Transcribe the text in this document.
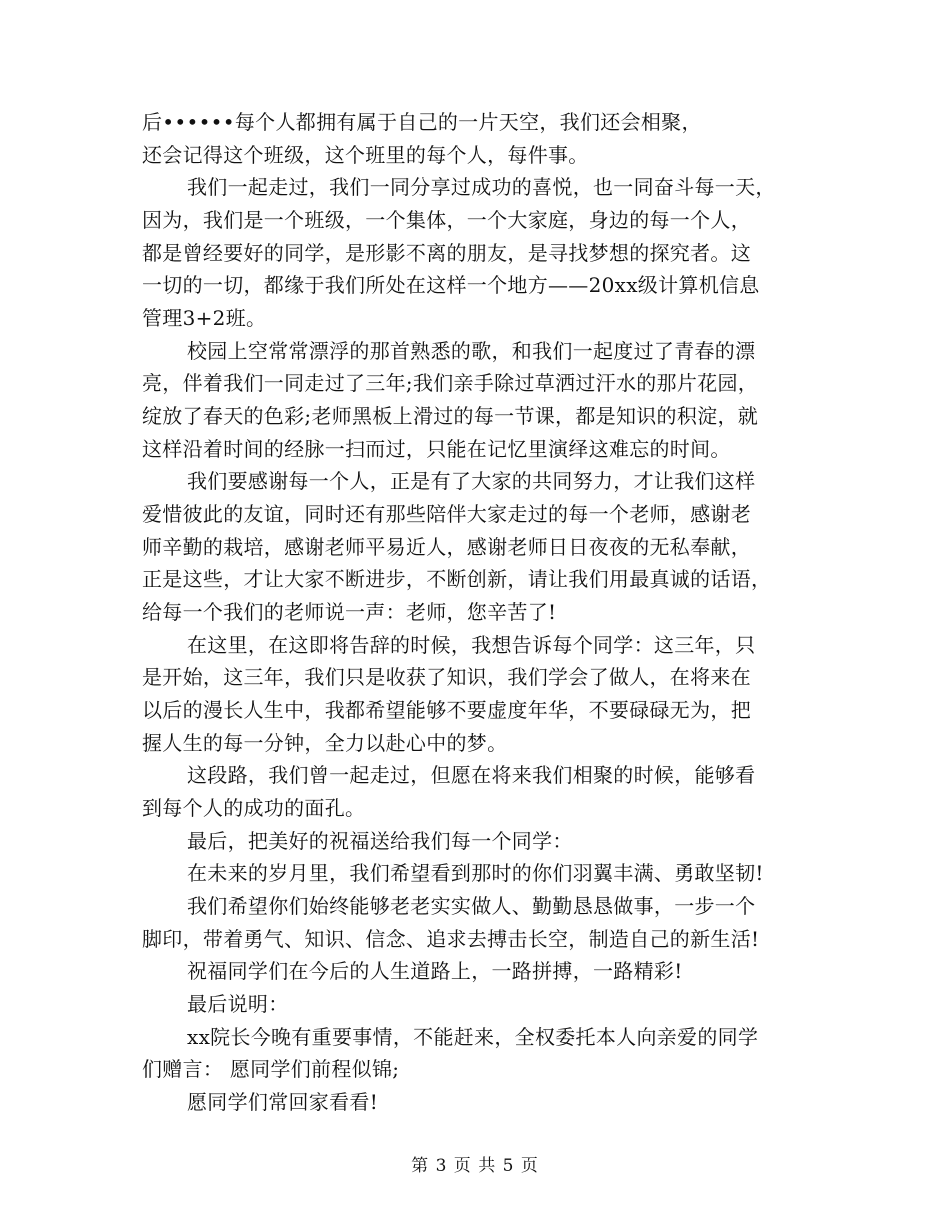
后••••••每个人都拥有属于自己的一片天空，我们还会相聚，
还会记得这个班级，这个班里的每个人，每件事。
我们一起走过，我们一同分享过成功的喜悦，也一同奋斗每一天，
因为，我们是一个班级，一个集体，一个大家庭，身边的每一个人，
都是曾经要好的同学，是形影不离的朋友，是寻找梦想的探究者。这
一切的一切，都缘于我们所处在这样一个地方——20xx级计算机信息
管理3+2班。
校园上空常常漂浮的那首熟悉的歌，和我们一起度过了青春的漂
亮，伴着我们一同走过了三年;我们亲手除过草洒过汗水的那片花园，
绽放了春天的色彩;老师黑板上滑过的每一节课，都是知识的积淀，就
这样沿着时间的经脉一扫而过，只能在记忆里演绎这难忘的时间。
我们要感谢每一个人，正是有了大家的共同努力，才让我们这样
爱惜彼此的友谊，同时还有那些陪伴大家走过的每一个老师，感谢老
师辛勤的栽培，感谢老师平易近人，感谢老师日日夜夜的无私奉献，
正是这些，才让大家不断进步，不断创新，请让我们用最真诚的话语，
给每一个我们的老师说一声：老师，您辛苦了!
在这里，在这即将告辞的时候，我想告诉每个同学：这三年，只
是开始，这三年，我们只是收获了知识，我们学会了做人，在将来在
以后的漫长人生中，我都希望能够不要虚度年华，不要碌碌无为，把
握人生的每一分钟，全力以赴心中的梦。
这段路，我们曾一起走过，但愿在将来我们相聚的时候，能够看
到每个人的成功的面孔。
最后，把美好的祝福送给我们每一个同学：
在未来的岁月里，我们希望看到那时的你们羽翼丰满、勇敢坚韧!
我们希望你们始终能够老老实实做人、勤勤恳恳做事，一步一个
脚印，带着勇气、知识、信念、追求去搏击长空，制造自己的新生活!
祝福同学们在今后的人生道路上，一路拼搏，一路精彩!
最后说明：
xx院长今晚有重要事情，不能赶来，全权委托本人向亲爱的同学
们赠言： 愿同学们前程似锦;
愿同学们常回家看看!
第 3 页 共 5 页
